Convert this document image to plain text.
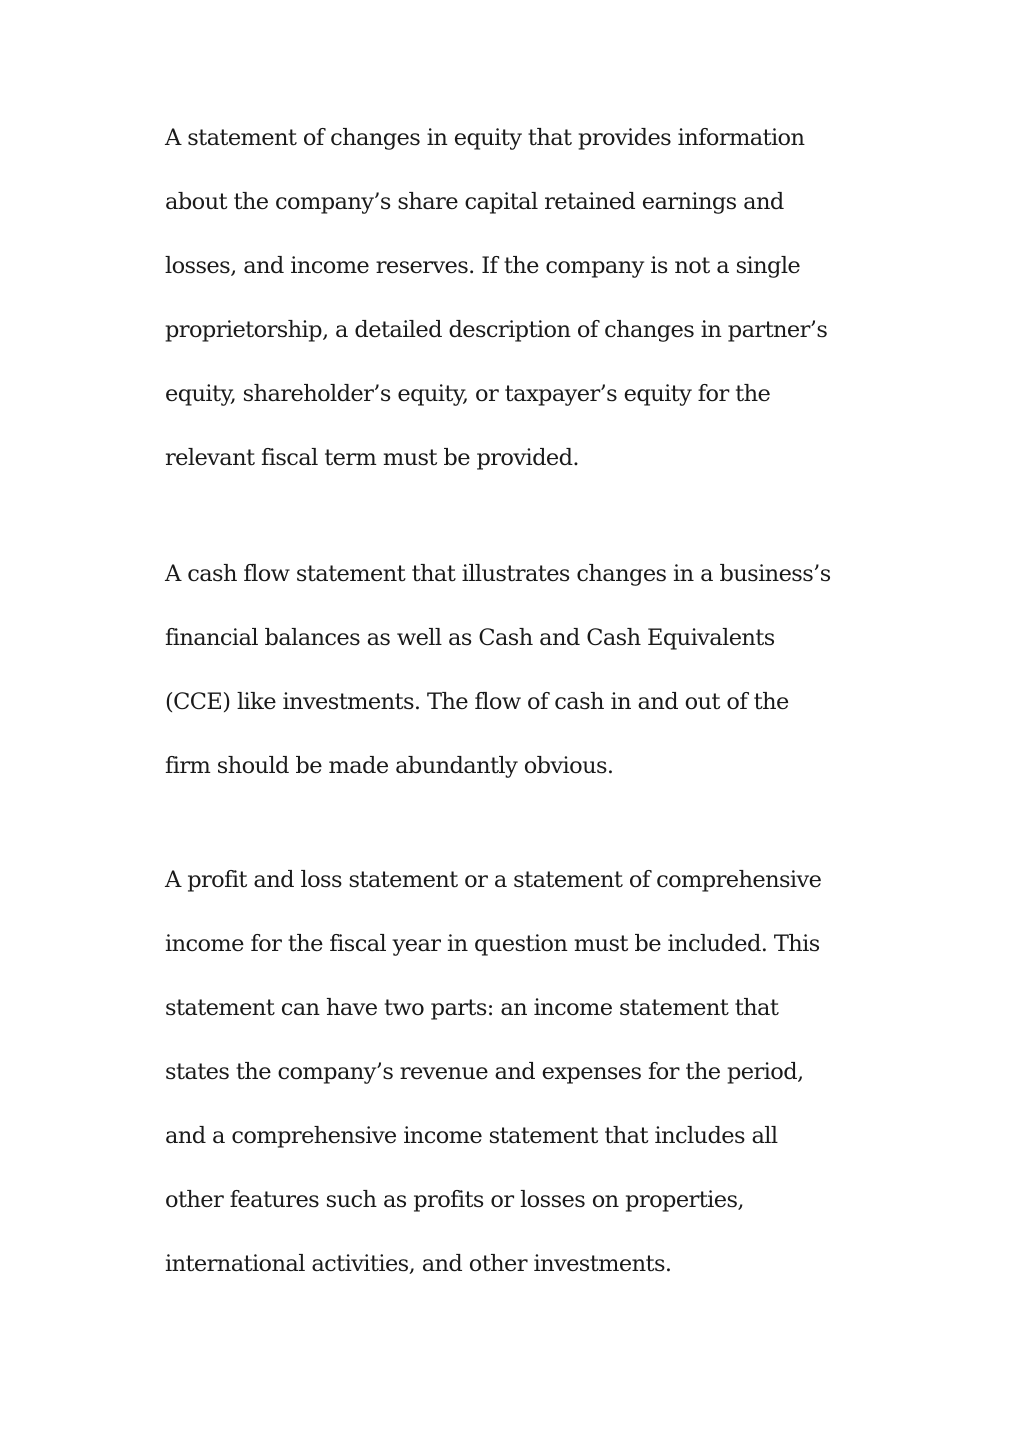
A statement of changes in equity that provides information
about the company’s share capital retained earnings and
losses, and income reserves. If the company is not a single
proprietorship, a detailed description of changes in partner’s
equity, shareholder’s equity, or taxpayer’s equity for the
relevant fiscal term must be provided.

A cash flow statement that illustrates changes in a business’s
financial balances as well as Cash and Cash Equivalents
(CCE) like investments. The flow of cash in and out of the
firm should be made abundantly obvious.

A profit and loss statement or a statement of comprehensive
income for the fiscal year in question must be included. This
statement can have two parts: an income statement that
states the company’s revenue and expenses for the period,
and a comprehensive income statement that includes all
other features such as profits or losses on properties,
international activities, and other investments.
